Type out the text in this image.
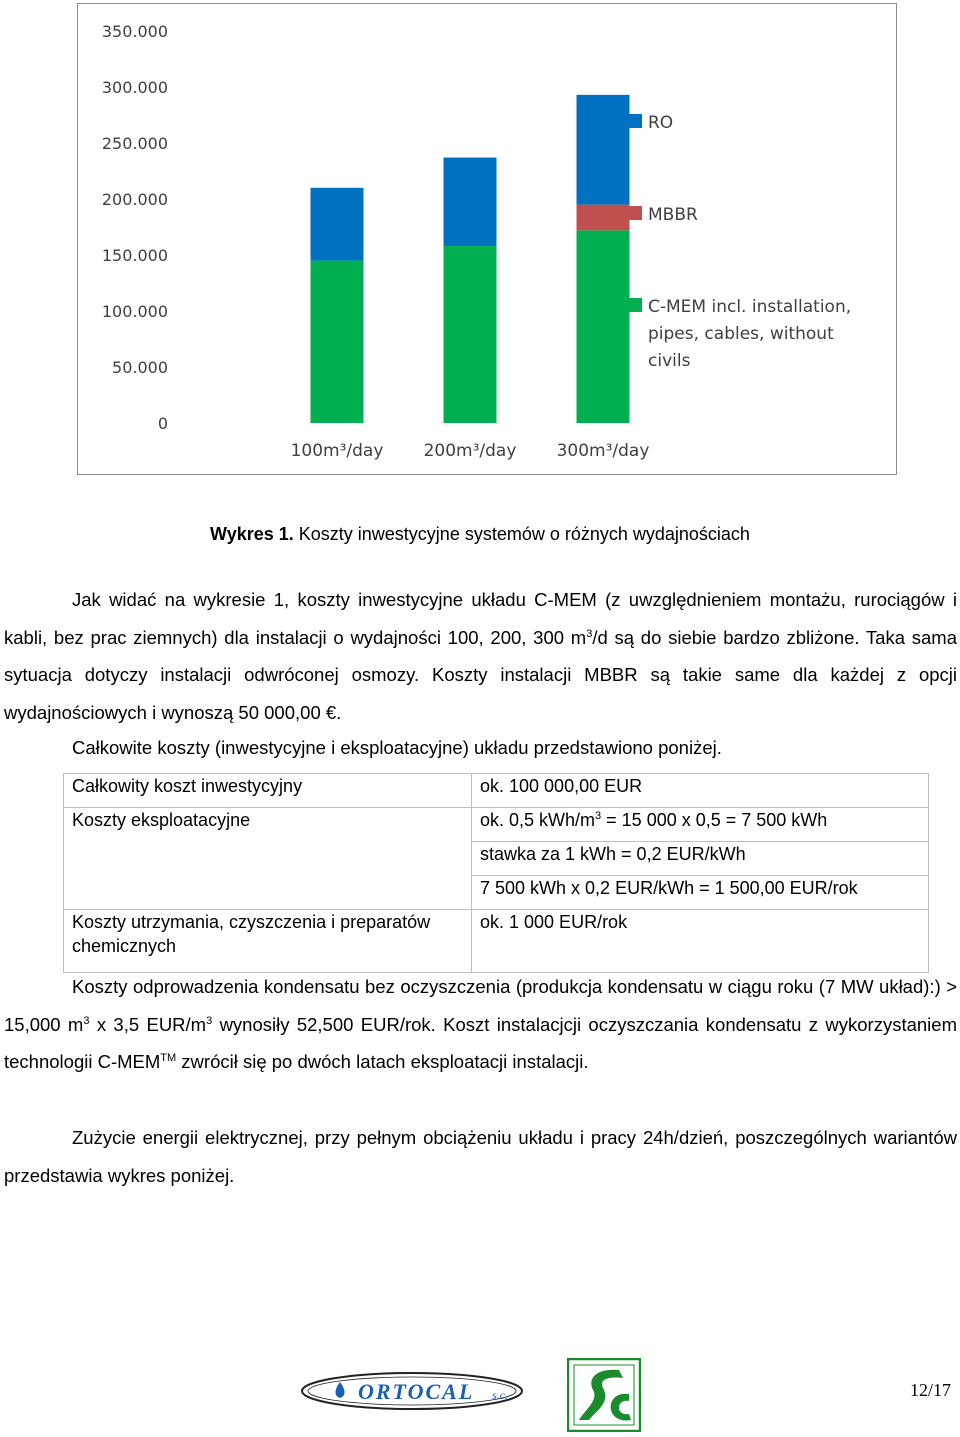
350.000
300.000
250.000
200.000
150.000
100.000
50.000
0
100m³/day 200m³/day 300m³/day
RO
MBBR
C-MEM incl. installation,
pipes, cables, without
civils
Wykres 1. Koszty inwestycyjne systemów o różnych wydajnościach

Jak widać na wykresie 1, koszty inwestycyjne układu C-MEM (z uwzględnieniem montażu, rurociągów i kabli, bez prac ziemnych) dla instalacji o wydajności 100, 200, 300 $m^3/d$ są do siebie bardzo zbliżone. Taka sama sytuacja dotyczy instalacji odwróconej osmozy. Koszty instalacji MBBR są takie same dla każdej z opcji wydajnościowych i wynoszą 50 000,00 €.

Całkowite koszty (inwestycyjne i eksploatacyjne) układu przedstawiono poniżej.

Całkowity koszt inwestycyjny	ok. 100 000,00 EUR
Koszty eksploatacyjne	ok. 0,5 kWh/$m^3 = 15$ 000 x 0,5 = 7 500 kWh
	stawka za 1 kWh = 0,2 EUR/kWh
	7 500 kWh x 0,2 EUR/kWh = 1 500,00 EUR/rok
Koszty utrzymania, czyszczenia i preparatów chemicznych	ok. 1 000 EUR/rok

Koszty odprowadzenia kondensatu bez oczyszczenia (produkcja kondensatu w ciągu roku (7 MW układ):) > 15,000 $m^3$ x 3,5 EUR/$m^3$ wynosiły 52,500 EUR/rok. Koszt instalacjcji oczyszczania kondensatu z wykorzystaniem technologii C-MEM™ zwrócił się po dwóch latach eksploatacji instalacji.

Zużycie energii elektrycznej, przy pełnym obciążeniu układu i pracy 24h/dzień, poszczególnych wariantów przedstawia wykres poniżej.

ORTOCAL s.c.	12/17
